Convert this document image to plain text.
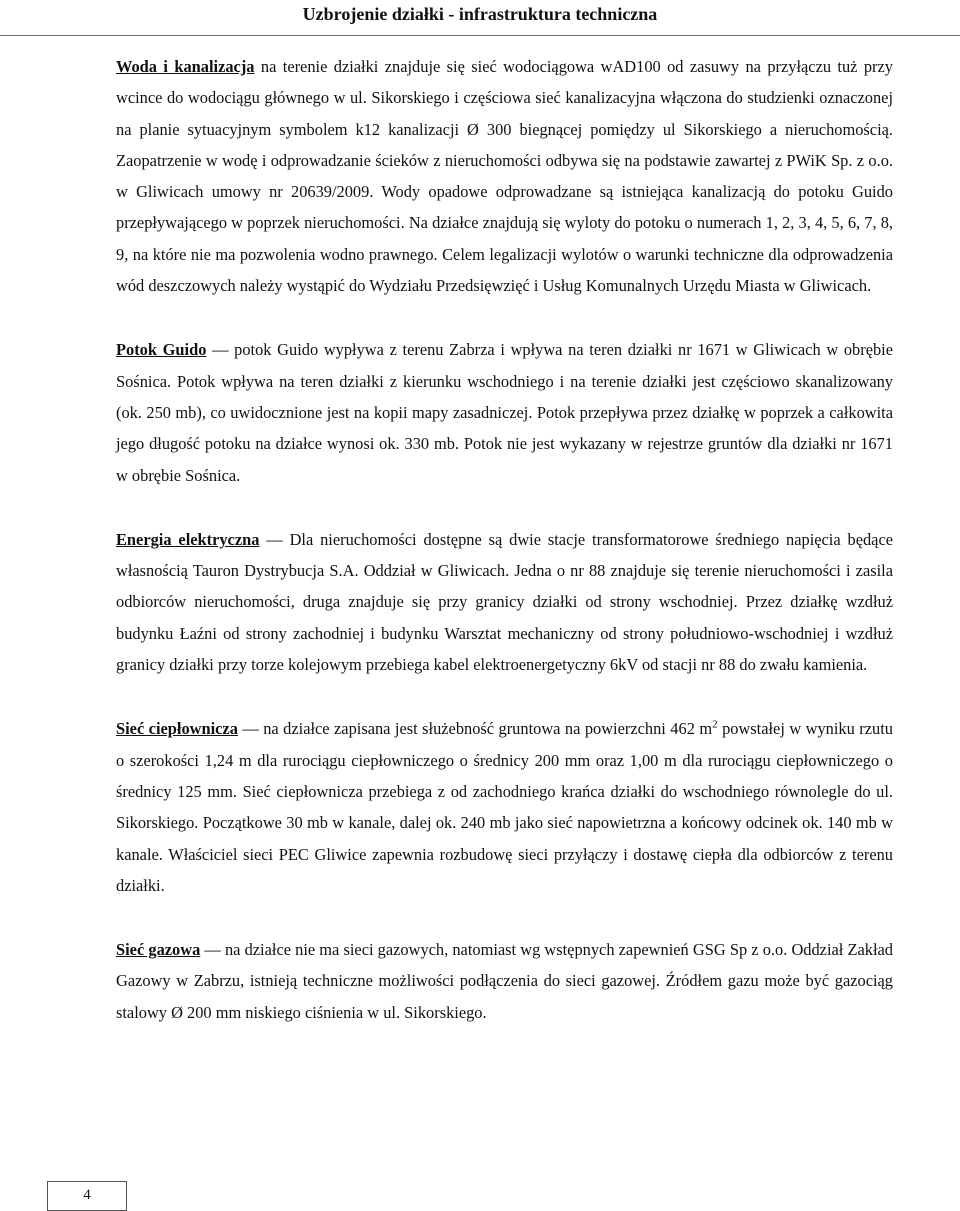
Uzbrojenie działki - infrastruktura techniczna

Woda i kanalizacja na terenie działki znajduje się sieć wodociągowa wAD100 od zasuwy na przyłączu tuż przy wcince do wodociągu głównego w ul. Sikorskiego i częściowa sieć kanalizacyjna włączona do studzienki oznaczonej na planie sytuacyjnym symbolem k12 kanalizacji Ø 300 biegnącej pomiędzy ul Sikorskiego a nieruchomością. Zaopatrzenie w wodę i odprowadzanie ścieków z nieruchomości odbywa się na podstawie zawartej z PWiK Sp. z o.o. w Gliwicach umowy nr 20639/2009. Wody opadowe odprowadzane są istniejąca kanalizacją do potoku Guido przepływającego w poprzek nieruchomości. Na działce znajdują się wyloty do potoku o numerach 1, 2, 3, 4, 5, 6, 7, 8, 9, na które nie ma pozwolenia wodno prawnego. Celem legalizacji wylotów o warunki techniczne dla odprowadzenia wód deszczowych należy wystąpić do Wydziału Przedsięwzięć i Usług Komunalnych Urzędu Miasta w Gliwicach.

Potok Guido — potok Guido wypływa z terenu Zabrza i wpływa na teren działki nr 1671 w Gliwicach w obrębie Sośnica. Potok wpływa na teren działki z kierunku wschodniego i na terenie działki jest częściowo skanalizowany (ok. 250 mb), co uwidocznione jest na kopii mapy zasadniczej. Potok przepływa przez działkę w poprzek a całkowita jego długość potoku na działce wynosi ok. 330 mb. Potok nie jest wykazany w rejestrze gruntów dla działki nr 1671 w obrębie Sośnica.

Energia elektryczna — Dla nieruchomości dostępne są dwie stacje transformatorowe średniego napięcia będące własnością Tauron Dystrybucja S.A. Oddział w Gliwicach. Jedna o nr 88 znajduje się terenie nieruchomości i zasila odbiorców nieruchomości, druga znajduje się przy granicy działki od strony wschodniej. Przez działkę wzdłuż budynku Łaźni od strony zachodniej i budynku Warsztat mechaniczny od strony południowo-wschodniej i wzdłuż granicy działki przy torze kolejowym przebiega kabel elektroenergetyczny 6kV od stacji nr 88 do zwału kamienia.

Sieć ciepłownicza — na działce zapisana jest służebność gruntowa na powierzchni 462 $m^2$ powstałej w wyniku rzutu o szerokości 1,24 m dla rurociągu ciepłowniczego o średnicy 200 mm oraz 1,00 m dla rurociągu ciepłowniczego o średnicy 125 mm. Sieć ciepłownicza przebiega z od zachodniego krańca działki do wschodniego równolegle do ul. Sikorskiego. Początkowe 30 mb w kanale, dalej ok. 240 mb jako sieć napowietrzna a końcowy odcinek ok. 140 mb w kanale. Właściciel sieci PEC Gliwice zapewnia rozbudowę sieci przyłączy i dostawę ciepła dla odbiorców z terenu działki.

Sieć gazowa — na działce nie ma sieci gazowych, natomiast wg wstępnych zapewnień GSG Sp z o.o. Oddział Zakład Gazowy w Zabrzu, istnieją techniczne możliwości podłączenia do sieci gazowej. Źródłem gazu może być gazociąg stalowy Ø 200 mm niskiego ciśnienia w ul. Sikorskiego.

4
